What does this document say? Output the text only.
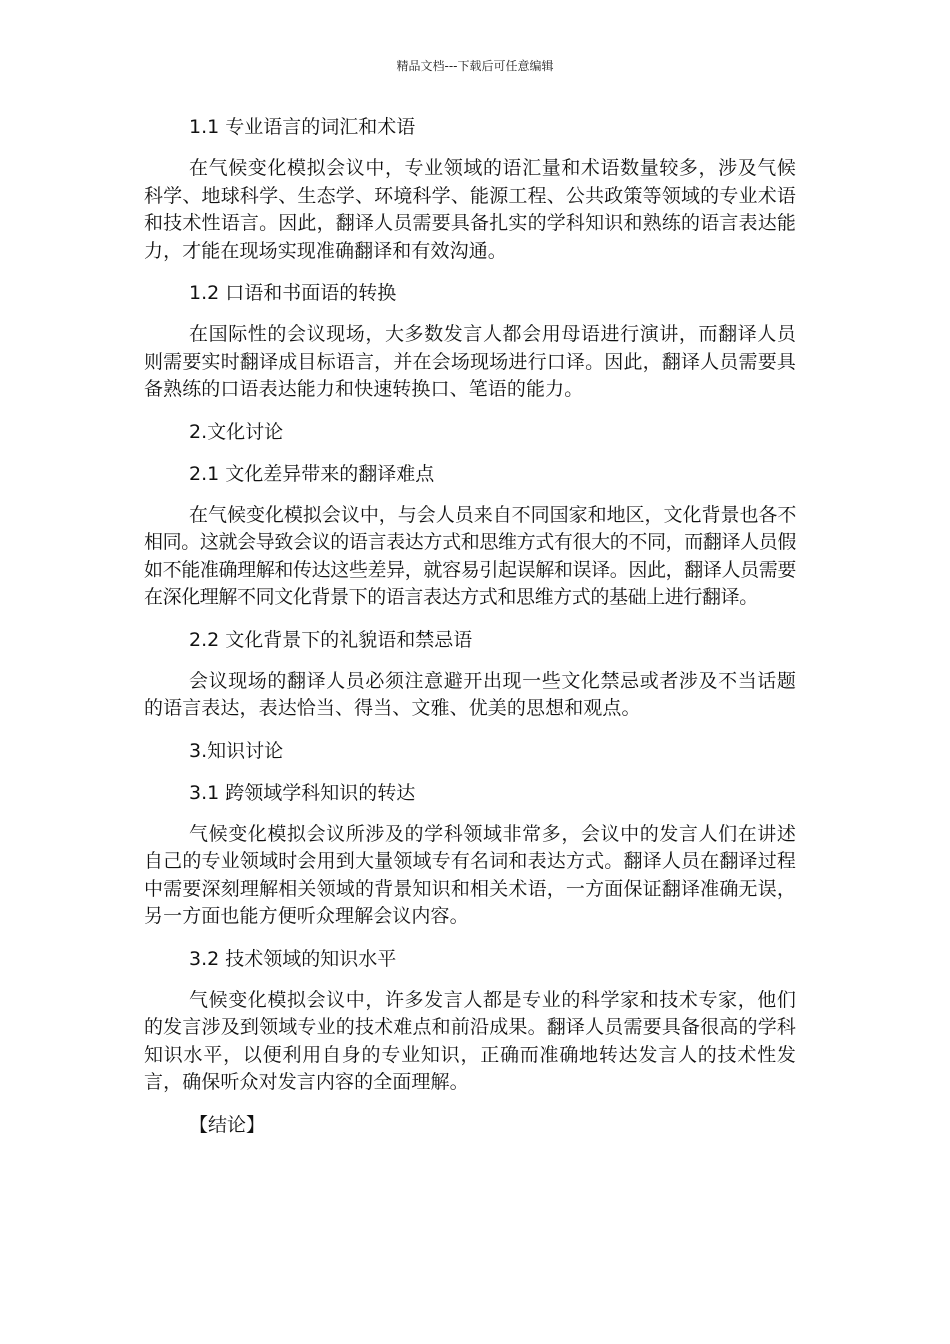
精品文档---下载后可任意编辑
1.1 专业语言的词汇和术语
在气候变化模拟会议中，专业领域的语汇量和术语数量较多，涉及气候科学、地球科学、生态学、环境科学、能源工程、公共政策等领域的专业术语和技术性语言。因此，翻译人员需要具备扎实的学科知识和熟练的语言表达能力，才能在现场实现准确翻译和有效沟通。
1.2 口语和书面语的转换
在国际性的会议现场，大多数发言人都会用母语进行演讲，而翻译人员则需要实时翻译成目标语言，并在会场现场进行口译。因此，翻译人员需要具备熟练的口语表达能力和快速转换口、笔语的能力。
2.文化讨论
2.1 文化差异带来的翻译难点
在气候变化模拟会议中，与会人员来自不同国家和地区，文化背景也各不相同。这就会导致会议的语言表达方式和思维方式有很大的不同，而翻译人员假如不能准确理解和传达这些差异，就容易引起误解和误译。因此，翻译人员需要在深化理解不同文化背景下的语言表达方式和思维方式的基础上进行翻译。
2.2 文化背景下的礼貌语和禁忌语
会议现场的翻译人员必须注意避开出现一些文化禁忌或者涉及不当话题的语言表达，表达恰当、得当、文雅、优美的思想和观点。
3.知识讨论
3.1 跨领域学科知识的转达
气候变化模拟会议所涉及的学科领域非常多，会议中的发言人们在讲述自己的专业领域时会用到大量领域专有名词和表达方式。翻译人员在翻译过程中需要深刻理解相关领域的背景知识和相关术语，一方面保证翻译准确无误，另一方面也能方便听众理解会议内容。
3.2 技术领域的知识水平
气候变化模拟会议中，许多发言人都是专业的科学家和技术专家，他们的发言涉及到领域专业的技术难点和前沿成果。翻译人员需要具备很高的学科知识水平，以便利用自身的专业知识，正确而准确地转达发言人的技术性发言，确保听众对发言内容的全面理解。
【结论】
